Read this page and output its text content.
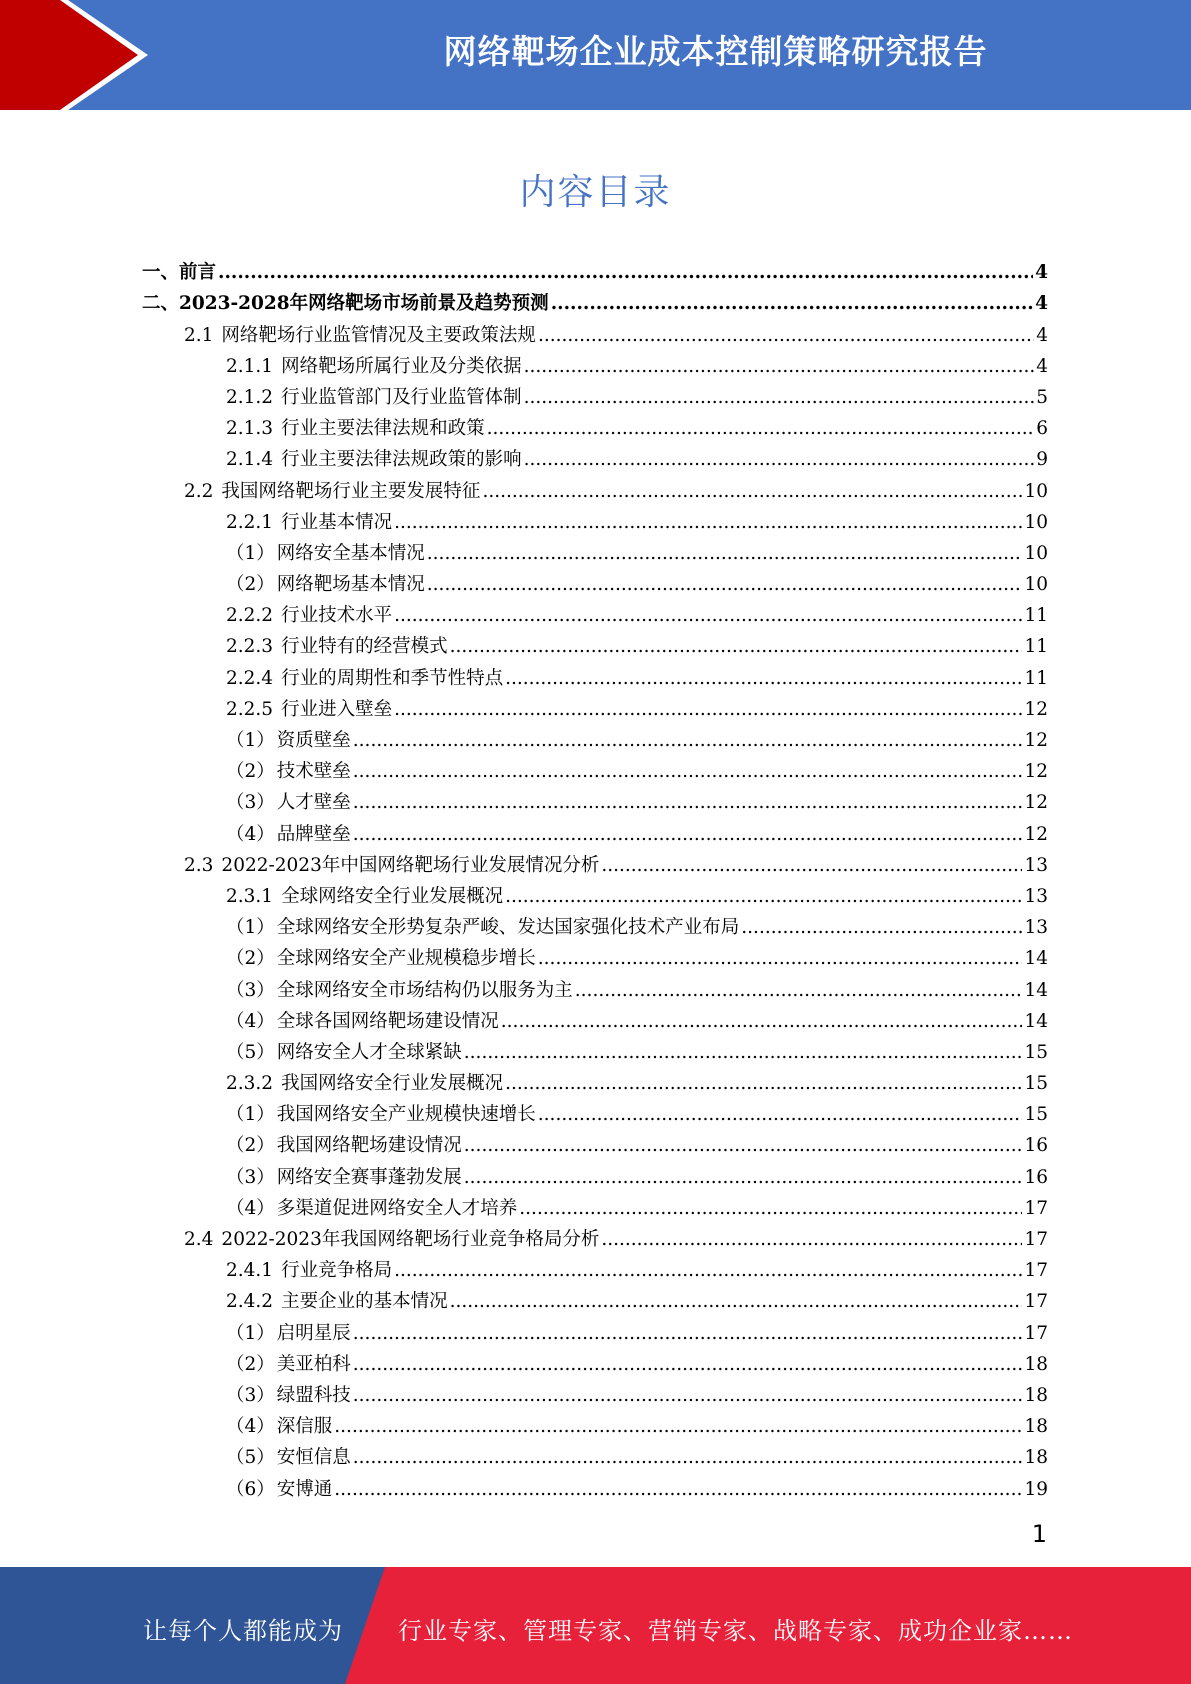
网络靶场企业成本控制策略研究报告
内容目录
一、 前言 .....	4
二、 2023-2028年网络靶场市场前景及趋势预测 .....	4
2.1 网络靶场行业监管情况及主要政策法规 .....	4
2.1.1 网络靶场所属行业及分类依据 .....	4
2.1.2 行业监管部门及行业监管体制 .....	5
2.1.3 行业主要法律法规和政策 .....	6
2.1.4 行业主要法律法规政策的影响 .....	9
2.2 我国网络靶场行业主要发展特征 .....	10
2.2.1 行业基本情况 .....	10
（1） 网络安全基本情况 .....	10
（2） 网络靶场基本情况 .....	10
2.2.2 行业技术水平 .....	11
2.2.3 行业特有的经营模式 .....	11
2.2.4 行业的周期性和季节性特点 .....	11
2.2.5 行业进入壁垒 .....	12
（1） 资质壁垒 .....	12
（2） 技术壁垒 .....	12
（3） 人才壁垒 .....	12
（4） 品牌壁垒 .....	12
2.3 2022-2023年中国网络靶场行业发展情况分析 .....	13
2.3.1 全球网络安全行业发展概况 .....	13
（1） 全球网络安全形势复杂严峻、发达国家强化技术产业布局 .....	13
（2） 全球网络安全产业规模稳步增长 .....	14
（3） 全球网络安全市场结构仍以服务为主 .....	14
（4） 全球各国网络靶场建设情况 .....	14
（5） 网络安全人才全球紧缺 .....	15
2.3.2 我国网络安全行业发展概况 .....	15
（1） 我国网络安全产业规模快速增长 .....	15
（2） 我国网络靶场建设情况 .....	16
（3） 网络安全赛事蓬勃发展 .....	16
（4） 多渠道促进网络安全人才培养 .....	17
2.4 2022-2023年我国网络靶场行业竞争格局分析 .....	17
2.4.1 行业竞争格局 .....	17
2.4.2 主要企业的基本情况 .....	17
（1） 启明星辰 .....	17
（2） 美亚柏科 .....	18
（3） 绿盟科技 .....	18
（4） 深信服 .....	18
（5） 安恒信息 .....	18
（6） 安博通 .....	19
1
让每个人都能成为 行业专家、管理专家、营销专家、战略专家、成功企业家……
